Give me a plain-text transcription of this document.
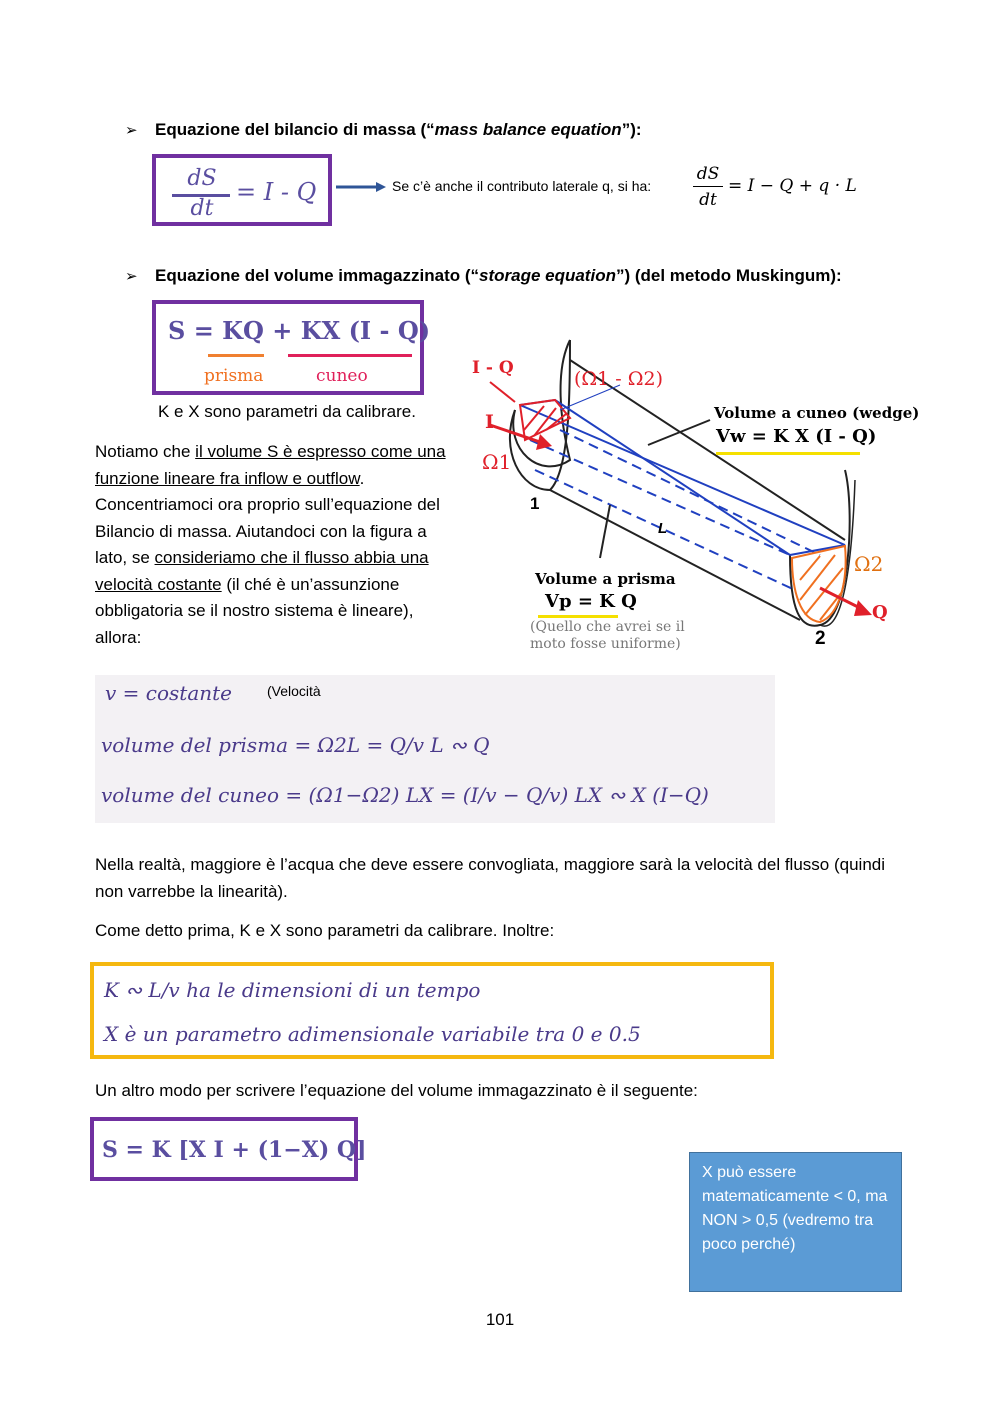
➢	Equazione del bilancio di massa (“ mass balance equation ”):
dS
dt
= I - Q	Se c’è anche il contributo laterale q, si ha:
dS
dt
= I − Q + q · L
➢	Equazione del volume immagazzinato (“ storage equation ”) (del metodo Muskingum):
S = KQ + KX (I - Q)
prisma	cuneo
K e X sono parametri da calibrare.
Notiamo che il volume S è espresso come una funzione lineare fra inflow e outflow. Concentriamoci ora proprio sull’equazione del Bilancio di massa. Aiutandoci con la figura a lato, se consideriamo che il flusso abbia una velocità costante (il ché è un’assunzione obbligatoria se il nostro sistema è lineare), allora:
I - Q	(Ω1 - Ω2)
I
Ω1
1
L
2
Ω2
Q
Volume a cuneo (wedge)
Vw = K X (I - Q)
Volume a prisma
Vp = K Q
(Quello che avrei se il
moto fosse uniforme)
v = costante	(Velocità
volume del prisma = Ω2L = Q/v L ∾ Q
volume del cuneo = (Ω1−Ω2) LX = (I/v − Q/v) LX ∾ X (I−Q)
Nella realtà, maggiore è l’acqua che deve essere convogliata, maggiore sarà la velocità del flusso (quindi non varrebbe la linearità).
Come detto prima, K e X sono parametri da calibrare. Inoltre:
K ∾ L/v ha le dimensioni di un tempo
X è un parametro adimensionale variabile tra 0 e 0.5
Un altro modo per scrivere l’equazione del volume immagazzinato è il seguente:
S = K [X I + (1−X) Q]
X può essere matematicamente < 0, ma NON > 0,5 (vedremo tra poco perché)
101
